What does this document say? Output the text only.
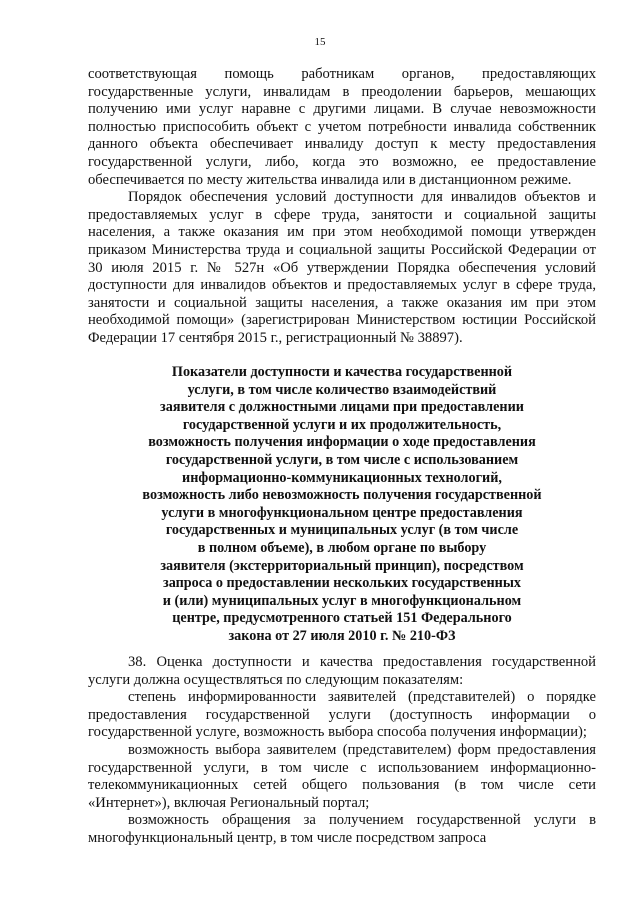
15

соответствующая помощь работникам органов, предоставляющих государственные услуги, инвалидам в преодолении барьеров, мешающих получению ими услуг наравне с другими лицами. В случае невозможности полностью приспособить объект с учетом потребности инвалида собственник данного объекта обеспечивает инвалиду доступ к месту предоставления государственной услуги, либо, когда это возможно, ее предоставление обеспечивается по месту жительства инвалида или в дистанционном режиме.

Порядок обеспечения условий доступности для инвалидов объектов и предоставляемых услуг в сфере труда, занятости и социальной защиты населения, а также оказания им при этом необходимой помощи утвержден приказом Министерства труда и социальной защиты Российской Федерации от 30 июля 2015 г. № 527н «Об утверждении Порядка обеспечения условий доступности для инвалидов объектов и предоставляемых услуг в сфере труда, занятости и социальной защиты населения, а также оказания им при этом необходимой помощи» (зарегистрирован Министерством юстиции Российской Федерации 17 сентября 2015 г., регистрационный № 38897).

Показатели доступности и качества государственной
услуги, в том числе количество взаимодействий
заявителя с должностными лицами при предоставлении
государственной услуги и их продолжительность,
возможность получения информации о ходе предоставления
государственной услуги, в том числе с использованием
информационно-коммуникационных технологий,
возможность либо невозможность получения государственной
услуги в многофункциональном центре предоставления
государственных и муниципальных услуг (в том числе
в полном объеме), в любом органе по выбору
заявителя (экстерриториальный принцип), посредством
запроса о предоставлении нескольких государственных
и (или) муниципальных услуг в многофункциональном
центре, предусмотренного статьей 151 Федерального
закона от 27 июля 2010 г. № 210-ФЗ

38. Оценка доступности и качества предоставления государственной услуги должна осуществляться по следующим показателям:

степень информированности заявителей (представителей) о порядке предоставления государственной услуги (доступность информации о государственной услуге, возможность выбора способа получения информации);

возможность выбора заявителем (представителем) форм предоставления государственной услуги, в том числе с использованием информационно-телекоммуникационных сетей общего пользования (в том числе сети «Интернет»), включая Региональный портал;

возможность обращения за получением государственной услуги в многофункциональный центр, в том числе посредством запроса
